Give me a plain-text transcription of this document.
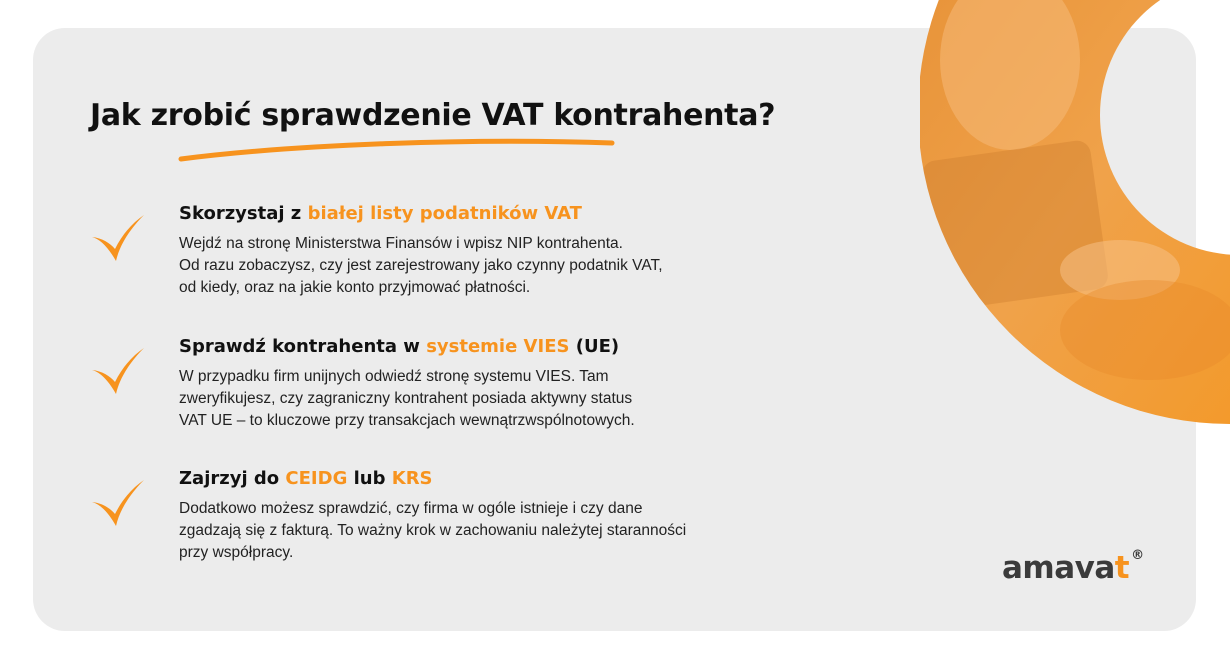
Jak zrobić sprawdzenie VAT kontrahenta?

Skorzystaj z białej listy podatników VAT

Wejdź na stronę Ministerstwa Finansów i wpisz NIP kontrahenta.
Od razu zobaczysz, czy jest zarejestrowany jako czynny podatnik VAT,
od kiedy, oraz na jakie konto przyjmować płatności.

Sprawdź kontrahenta w systemie VIES (UE)

W przypadku firm unijnych odwiedź stronę systemu VIES. Tam
zweryfikujesz, czy zagraniczny kontrahent posiada aktywny status
VAT UE – to kluczowe przy transakcjach wewnątrzwspólnotowych.

Zajrzyj do CEIDG lub KRS

Dodatkowo możesz sprawdzić, czy firma w ogóle istnieje i czy dane
zgadzają się z fakturą. To ważny krok w zachowaniu należytej staranności
przy współpracy.	amavat ®
